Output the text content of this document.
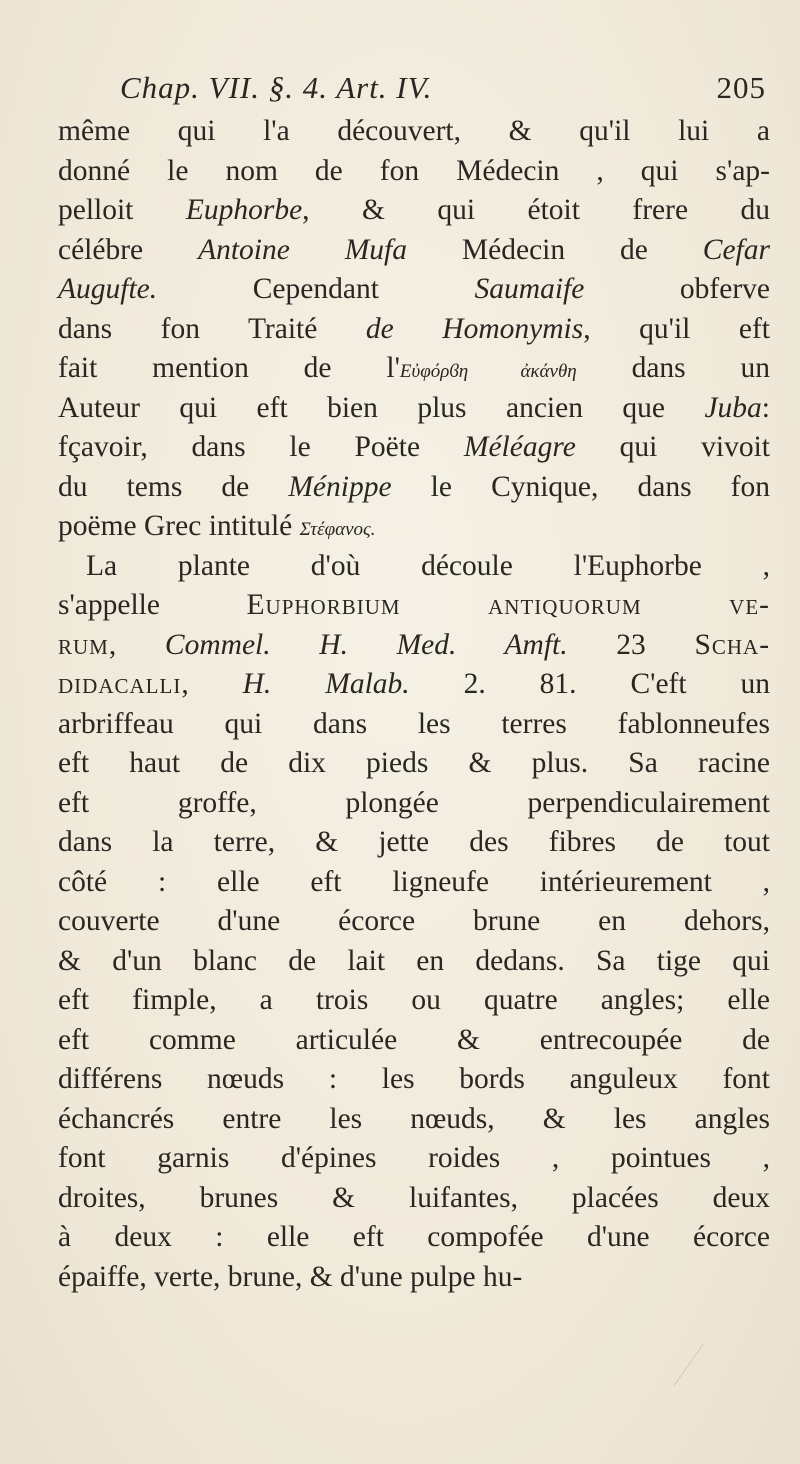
Chap. VII. §. 4. Art. IV.	205
même qui l'a découvert, & qu'il lui a
donné le nom de fon Médecin , qui s'ap-
pelloit Euphorbe, & qui étoit frere du
célébre Antoine Mufa Médecin de Cefar
Augufte. Cependant Saumaife obferve
dans fon Traité de Homonymis, qu'il eft
fait mention de l'Εὐφόρϐη ἀκάνθη dans un
Auteur qui eft bien plus ancien que Juba:
fçavoir, dans le Poëte Méléagre qui vivoit
du tems de Ménippe le Cynique, dans fon
poëme Grec intitulé Στέφανος.
La plante d'où découle l'Euphorbe ,
s'appelle Euphorbium antiquorum ve-
rum, Commel. H. Med. Amft. 23 Scha-
didacalli, H. Malab. 2. 81. C'eft un
arbriffeau qui dans les terres fablonneufes
eft haut de dix pieds & plus. Sa racine
eft groffe, plongée perpendiculairement
dans la terre, & jette des fibres de tout
côté : elle eft ligneufe intérieurement ,
couverte d'une écorce brune en dehors,
& d'un blanc de lait en dedans. Sa tige qui
eft fimple, a trois ou quatre angles; elle
eft comme articulée & entrecoupée de
différens nœuds : les bords anguleux font
échancrés entre les nœuds, & les angles
font garnis d'épines roides , pointues ,
droites, brunes & luifantes, placées deux
à deux : elle eft compofée d'une écorce
épaiffe, verte, brune, & d'une pulpe hu-
